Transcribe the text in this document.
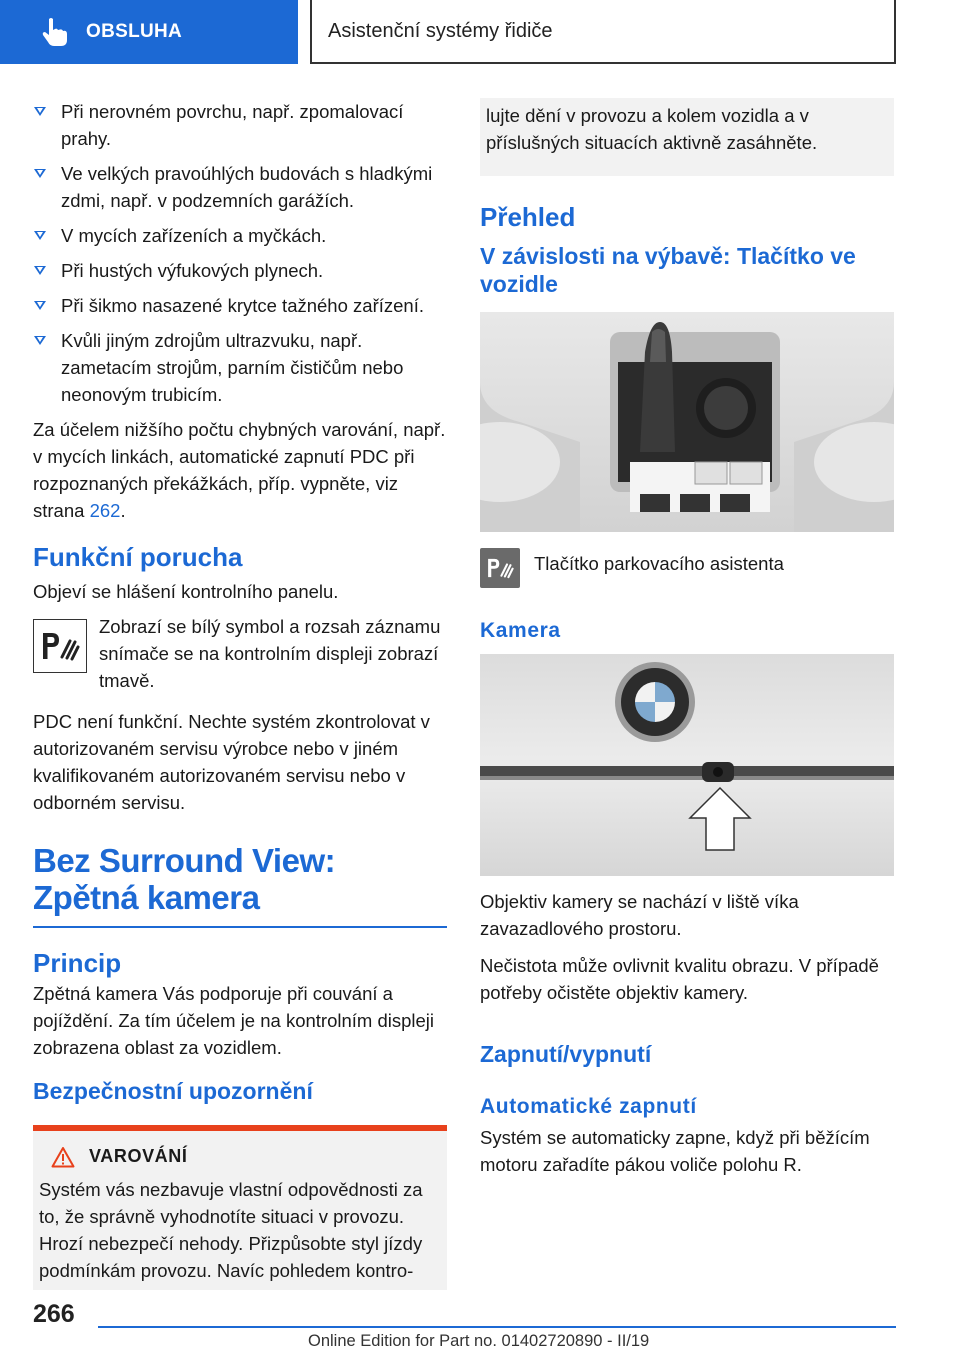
OBSLUHA	Asistenční systémy řidiče
Při nerovném povrchu, např. zpomalovací prahy.
Ve velkých pravoúhlých budovách s hladkými zdmi, např. v podzemních garážích.
V mycích zařízeních a myčkách.
Při hustých výfukových plynech.
Při šikmo nasazené krytce tažného zařízení.
Kvůli jiným zdrojům ultrazvuku, např. zametacím strojům, parním čističům nebo neonovým trubicím.

Za účelem nižšího počtu chybných varování, např. v mycích linkách, automatické zapnutí PDC při rozpoznaných překážkách, příp. vypněte, viz strana 262.

Funkční porucha

Objeví se hlášení kontrolního panelu.

Zobrazí se bílý symbol a rozsah záznamu snímače se na kontrolním displeji zobrazí tmavě.

PDC není funkční. Nechte systém zkontrolovat v autorizovaném servisu výrobce nebo v jiném kvalifikovaném autorizovaném servisu nebo v odborném servisu.

Bez Surround View: Zpětná kamera
Princip

Zpětná kamera Vás podporuje při couvání a pojíždění. Za tím účelem je na kontrolním displeji zobrazena oblast za vozidlem.

Bezpečnostní upozornění
VAROVÁNÍ

Systém vás nezbavuje vlastní odpovědnosti za to, že správně vyhodnotíte situaci v provozu. Hrozí nebezpečí nehody. Přizpůsobte styl jízdy podmínkám provozu. Navíc pohledem kontro-

lujte dění v provozu a kolem vozidla a v příslušných situacích aktivně zasáhněte.

Přehled
V závislosti na výbavě: Tlačítko ve vozidle
Tlačítko parkovacího asistenta
Kamera

Objektiv kamery se nachází v liště víka zavazadlového prostoru.

Nečistota může ovlivnit kvalitu obrazu. V případě potřeby očistěte objektiv kamery.

Zapnutí/vypnutí
Automatické zapnutí

Systém se automaticky zapne, když při běžícím motoru zařadíte pákou voliče polohu R.

266
Online Edition for Part no. 01402720890 - II/19
